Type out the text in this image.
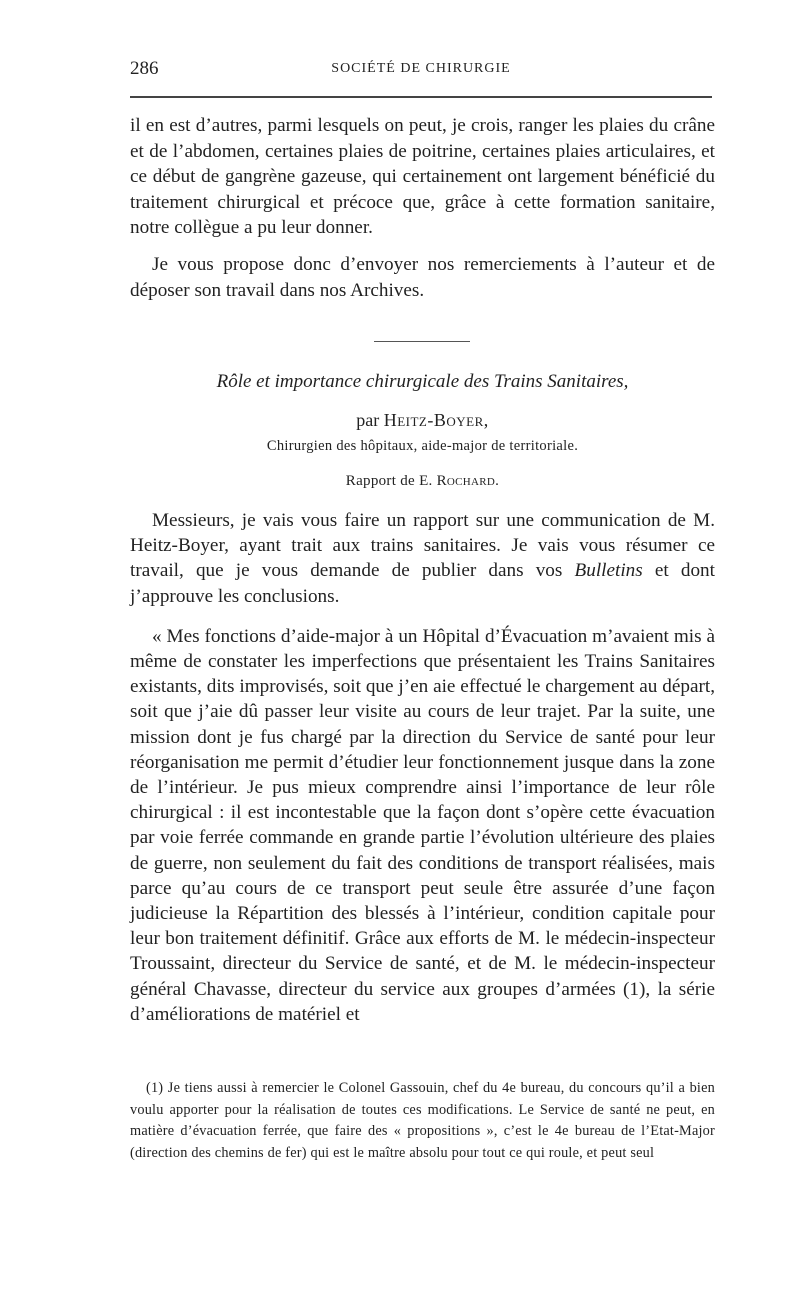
286	SOCIÉTÉ DE CHIRURGIE

il en est d’autres, parmi lesquels on peut, je crois, ranger les plaies du crâne et de l’abdomen, certaines plaies de poitrine, certaines plaies articulaires, et ce début de gangrène gazeuse, qui certainement ont largement bénéficié du traitement chirurgical et précoce que, grâce à cette formation sanitaire, notre collègue a pu leur donner.

Je vous propose donc d’envoyer nos remerciements à l’auteur et de déposer son travail dans nos Archives.

Rôle et importance chirurgicale des Trains Sanitaires,

par Heitz-Boyer,

Chirurgien des hôpitaux, aide-major de territoriale.

Rapport de E. Rochard.

Messieurs, je vais vous faire un rapport sur une communication de M. Heitz-Boyer, ayant trait aux trains sanitaires. Je vais vous résumer ce travail, que je vous demande de publier dans vos Bulletins et dont j’approuve les conclusions.

« Mes fonctions d’aide-major à un Hôpital d’Évacuation m’avaient mis à même de constater les imperfections que présentaient les Trains Sanitaires existants, dits improvisés, soit que j’en aie effectué le chargement au départ, soit que j’aie dû passer leur visite au cours de leur trajet. Par la suite, une mission dont je fus chargé par la direction du Service de santé pour leur réorganisation me permit d’étudier leur fonctionnement jusque dans la zone de l’intérieur. Je pus mieux comprendre ainsi l’importance de leur rôle chirurgical : il est incontestable que la façon dont s’opère cette évacuation par voie ferrée commande en grande partie l’évolution ultérieure des plaies de guerre, non seulement du fait des conditions de transport réalisées, mais parce qu’au cours de ce transport peut seule être assurée d’une façon judicieuse la Répartition des blessés à l’intérieur, condition capitale pour leur bon traitement définitif. Grâce aux efforts de M. le médecin-inspecteur Troussaint, directeur du Service de santé, et de M. le médecin-inspecteur général Chavasse, directeur du service aux groupes d’armées (1), la série d’améliorations de matériel et

(1) Je tiens aussi à remercier le Colonel Gassouin, chef du 4e bureau, du concours qu’il a bien voulu apporter pour la réalisation de toutes ces modifications. Le Service de santé ne peut, en matière d’évacuation ferrée, que faire des « propositions », c’est le 4e bureau de l’Etat-Major (direction des chemins de fer) qui est le maître absolu pour tout ce qui roule, et peut seul
